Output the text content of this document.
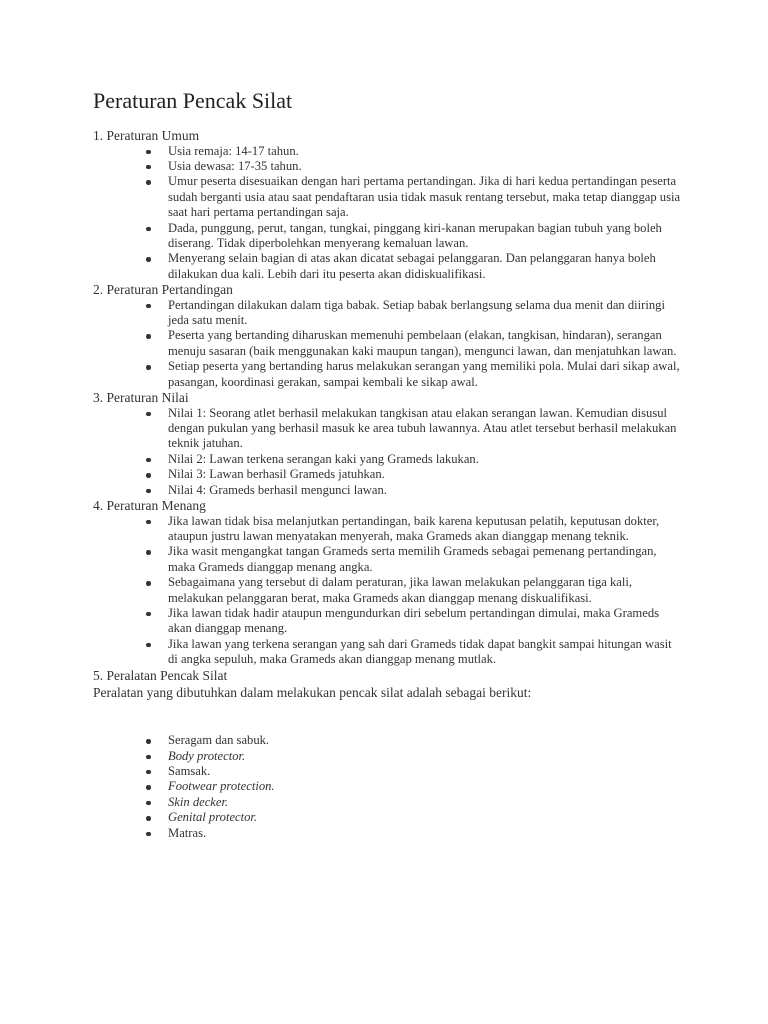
Peraturan Pencak Silat

1. Peraturan Umum

Usia remaja: 14-17 tahun.
Usia dewasa: 17-35 tahun.
Umur peserta disesuaikan dengan hari pertama pertandingan. Jika di hari kedua pertandingan peserta sudah berganti usia atau saat pendaftaran usia tidak masuk rentang tersebut, maka tetap dianggap usia saat hari pertama pertandingan saja.
Dada, punggung, perut, tangan, tungkai, pinggang kiri-kanan merupakan bagian tubuh yang boleh diserang. Tidak diperbolehkan menyerang kemaluan lawan.
Menyerang selain bagian di atas akan dicatat sebagai pelanggaran. Dan pelanggaran hanya boleh dilakukan dua kali. Lebih dari itu peserta akan didiskualifikasi.

2. Peraturan Pertandingan

Pertandingan dilakukan dalam tiga babak. Setiap babak berlangsung selama dua menit dan diiringi jeda satu menit.
Peserta yang bertanding diharuskan memenuhi pembelaan (elakan, tangkisan, hindaran), serangan menuju sasaran (baik menggunakan kaki maupun tangan), mengunci lawan, dan menjatuhkan lawan.
Setiap peserta yang bertanding harus melakukan serangan yang memiliki pola. Mulai dari sikap awal, pasangan, koordinasi gerakan, sampai kembali ke sikap awal.

3. Peraturan Nilai

Nilai 1: Seorang atlet berhasil melakukan tangkisan atau elakan serangan lawan. Kemudian disusul dengan pukulan yang berhasil masuk ke area tubuh lawannya. Atau atlet tersebut berhasil melakukan teknik jatuhan.
Nilai 2: Lawan terkena serangan kaki yang Grameds lakukan.
Nilai 3: Lawan berhasil Grameds jatuhkan.
Nilai 4: Grameds berhasil mengunci lawan.

4. Peraturan Menang

Jika lawan tidak bisa melanjutkan pertandingan, baik karena keputusan pelatih, keputusan dokter, ataupun justru lawan menyatakan menyerah, maka Grameds akan dianggap menang teknik.
Jika wasit mengangkat tangan Grameds serta memilih Grameds sebagai pemenang pertandingan, maka Grameds dianggap menang angka.
Sebagaimana yang tersebut di dalam peraturan, jika lawan melakukan pelanggaran tiga kali, melakukan pelanggaran berat, maka Grameds akan dianggap menang diskualifikasi.
Jika lawan tidak hadir ataupun mengundurkan diri sebelum pertandingan dimulai, maka Grameds akan dianggap menang.
Jika lawan yang terkena serangan yang sah dari Grameds tidak dapat bangkit sampai hitungan wasit di angka sepuluh, maka Grameds akan dianggap menang mutlak.

5. Peralatan Pencak Silat

Peralatan yang dibutuhkan dalam melakukan pencak silat adalah sebagai berikut:

Seragam dan sabuk.
Body protector.
Samsak.
Footwear protection.
Skin decker.
Genital protector.
Matras.
